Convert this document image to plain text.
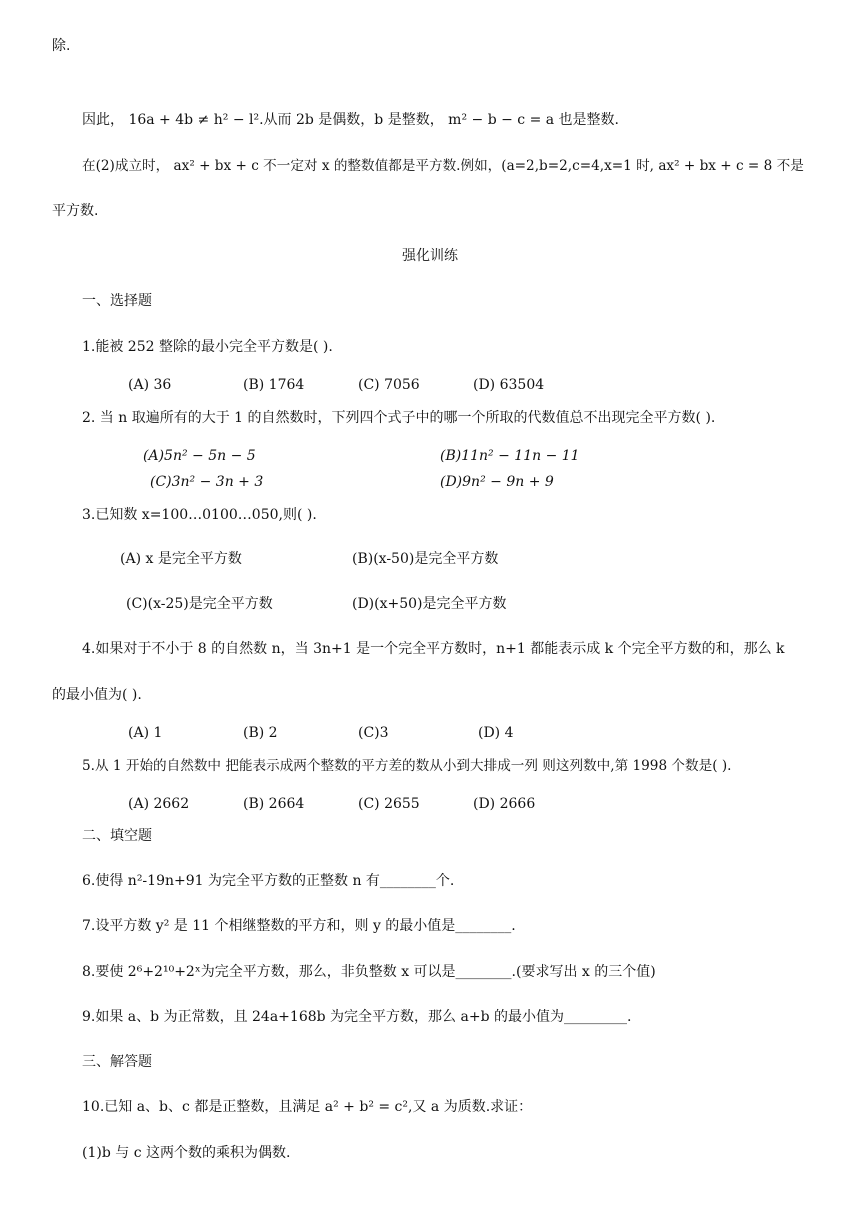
除.
因此， 16a + 4b ≠ h² − l².从而 2b 是偶数，b 是整数， m² − b − c = a 也是整数.
在(2)成立时， ax² + bx + c 不一定对 x 的整数值都是平方数.例如，(a=2,b=2,c=4,x=1 时, ax² + bx + c = 8 不是
平方数.
强化训练
一、选择题
1.能被 252 整除的最小完全平方数是( ).
(A) 36	(B) 1764	(C) 7056	(D) 63504
2. 当 n 取遍所有的大于 1 的自然数时，下列四个式子中的哪一个所取的代数值总不出现完全平方数( ).
(A)5n² − 5n − 5	(B)11n² − 11n − 11
(C)3n² − 3n + 3	(D)9n² − 9n + 9
3.已知数 x=100…0100…050,则( ).
(A) x 是完全平方数	(B)(x-50)是完全平方数
(C)(x-25)是完全平方数	(D)(x+50)是完全平方数
4.如果对于不小于 8 的自然数 n，当 3n+1 是一个完全平方数时，n+1 都能表示成 k 个完全平方数的和，那么 k
的最小值为( ).
(A) 1	(B) 2	(C)3	(D) 4
5.从 1 开始的自然数中 把能表示成两个整数的平方差的数从小到大排成一列 则这列数中,第 1998 个数是( ).
(A) 2662	(B) 2664	(C) 2655	(D) 2666
二、填空题
6.使得 n²-19n+91 为完全平方数的正整数 n 有________个.
7.设平方数 y² 是 11 个相继整数的平方和，则 y 的最小值是________.
8.要使 2⁶+2¹⁰+2ˣ为完全平方数，那么，非负整数 x 可以是________.(要求写出 x 的三个值)
9.如果 a、b 为正常数，且 24a+168b 为完全平方数，那么 a+b 的最小值为_________.
三、解答题
10.已知 a、b、c 都是正整数，且满足 a² + b² = c²,又 a 为质数.求证：
(1)b 与 c 这两个数的乘积为偶数.
